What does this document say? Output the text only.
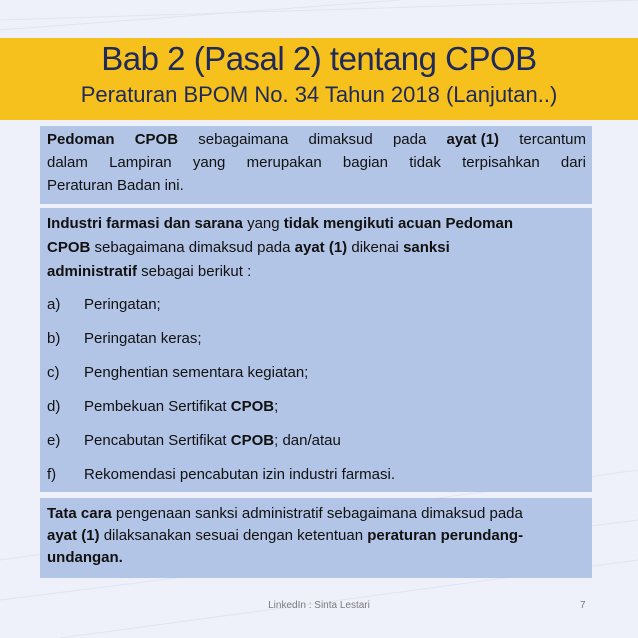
Bab 2 (Pasal 2) tentang CPOB
Peraturan BPOM No. 34 Tahun 2018 (Lanjutan..)
Pedoman CPOB sebagaimana dimaksud pada ayat (1) tercantum
dalam Lampiran yang merupakan bagian tidak terpisahkan dari
Peraturan Badan ini.
Industri farmasi dan sarana yang tidak mengikuti acuan Pedoman
CPOB sebagaimana dimaksud pada ayat (1) dikenai sanksi
administratif sebagai berikut :
a) Peringatan;
b) Peringatan keras;
c) Penghentian sementara kegiatan;
d) Pembekuan Sertifikat CPOB;
e) Pencabutan Sertifikat CPOB; dan/atau
f) Rekomendasi pencabutan izin industri farmasi.
Tata cara pengenaan sanksi administratif sebagaimana dimaksud pada
ayat (1) dilaksanakan sesuai dengan ketentuan peraturan perundang-
undangan.
LinkedIn : Sinta Lestari	7
